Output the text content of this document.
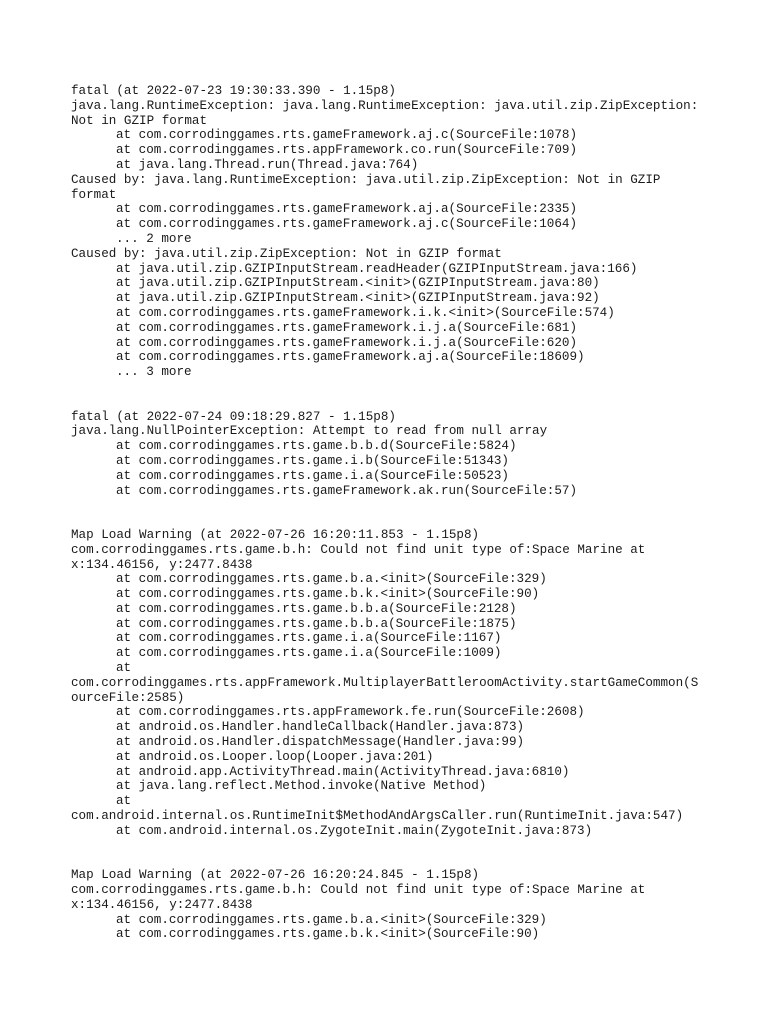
fatal (at 2022-07-23 19:30:33.390 - 1.15p8)
java.lang.RuntimeException: java.lang.RuntimeException: java.util.zip.ZipException:
Not in GZIP format
at com.corrodinggames.rts.gameFramework.aj.c(SourceFile:1078)
at com.corrodinggames.rts.appFramework.co.run(SourceFile:709)
at java.lang.Thread.run(Thread.java:764)
Caused by: java.lang.RuntimeException: java.util.zip.ZipException: Not in GZIP
format
at com.corrodinggames.rts.gameFramework.aj.a(SourceFile:2335)
at com.corrodinggames.rts.gameFramework.aj.c(SourceFile:1064)
... 2 more
Caused by: java.util.zip.ZipException: Not in GZIP format
at java.util.zip.GZIPInputStream.readHeader(GZIPInputStream.java:166)
at java.util.zip.GZIPInputStream.<init>(GZIPInputStream.java:80)
at java.util.zip.GZIPInputStream.<init>(GZIPInputStream.java:92)
at com.corrodinggames.rts.gameFramework.i.k.<init>(SourceFile:574)
at com.corrodinggames.rts.gameFramework.i.j.a(SourceFile:681)
at com.corrodinggames.rts.gameFramework.i.j.a(SourceFile:620)
at com.corrodinggames.rts.gameFramework.aj.a(SourceFile:18609)
... 3 more
fatal (at 2022-07-24 09:18:29.827 - 1.15p8)
java.lang.NullPointerException: Attempt to read from null array
at com.corrodinggames.rts.game.b.b.d(SourceFile:5824)
at com.corrodinggames.rts.game.i.b(SourceFile:51343)
at com.corrodinggames.rts.game.i.a(SourceFile:50523)
at com.corrodinggames.rts.gameFramework.ak.run(SourceFile:57)
Map Load Warning (at 2022-07-26 16:20:11.853 - 1.15p8)
com.corrodinggames.rts.game.b.h: Could not find unit type of:Space Marine at
x:134.46156, y:2477.8438
at com.corrodinggames.rts.game.b.a.<init>(SourceFile:329)
at com.corrodinggames.rts.game.b.k.<init>(SourceFile:90)
at com.corrodinggames.rts.game.b.b.a(SourceFile:2128)
at com.corrodinggames.rts.game.b.b.a(SourceFile:1875)
at com.corrodinggames.rts.game.i.a(SourceFile:1167)
at com.corrodinggames.rts.game.i.a(SourceFile:1009)
at
com.corrodinggames.rts.appFramework.MultiplayerBattleroomActivity.startGameCommon(S
ourceFile:2585)
at com.corrodinggames.rts.appFramework.fe.run(SourceFile:2608)
at android.os.Handler.handleCallback(Handler.java:873)
at android.os.Handler.dispatchMessage(Handler.java:99)
at android.os.Looper.loop(Looper.java:201)
at android.app.ActivityThread.main(ActivityThread.java:6810)
at java.lang.reflect.Method.invoke(Native Method)
at
com.android.internal.os.RuntimeInit$MethodAndArgsCaller.run(RuntimeInit.java:547)
at com.android.internal.os.ZygoteInit.main(ZygoteInit.java:873)
Map Load Warning (at 2022-07-26 16:20:24.845 - 1.15p8)
com.corrodinggames.rts.game.b.h: Could not find unit type of:Space Marine at
x:134.46156, y:2477.8438
at com.corrodinggames.rts.game.b.a.<init>(SourceFile:329)
at com.corrodinggames.rts.game.b.k.<init>(SourceFile:90)
